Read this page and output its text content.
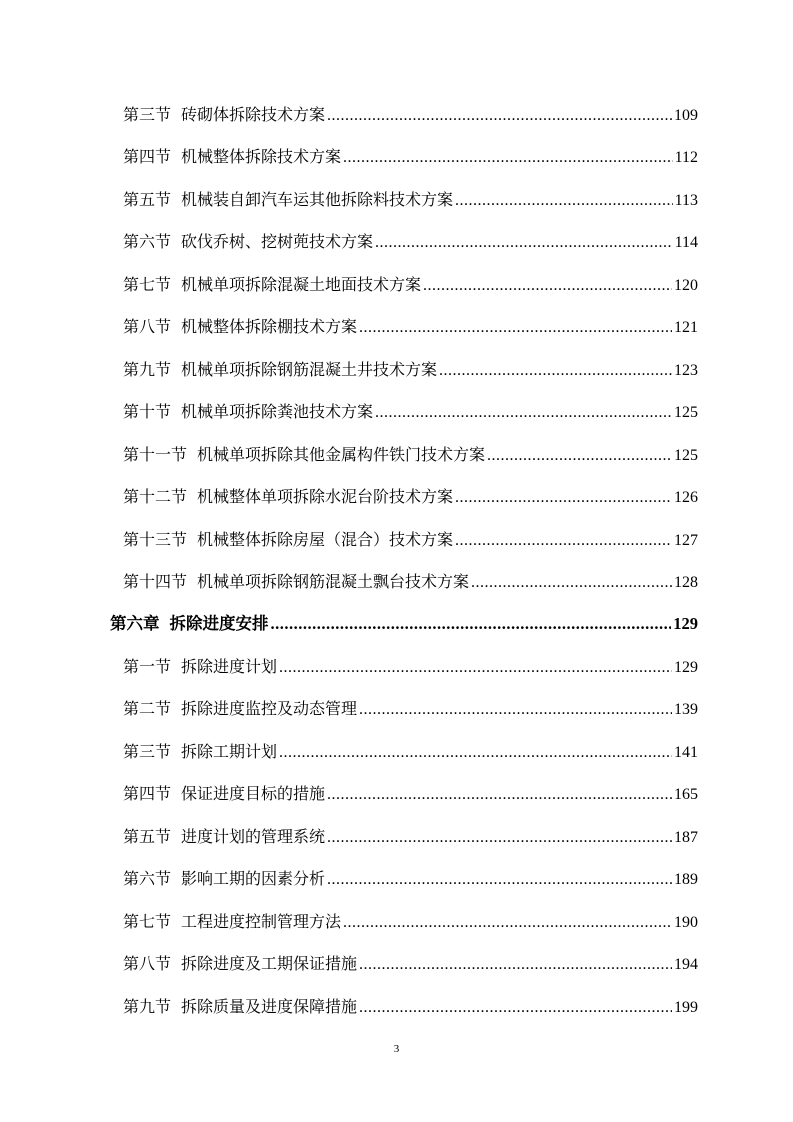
第三节 砖砌体拆除技术方案 .....	109
第四节 机械整体拆除技术方案 .....	112
第五节 机械装自卸汽车运其他拆除料技术方案 .....	113
第六节 砍伐乔树、挖树蔸技术方案 .....	114
第七节 机械单项拆除混凝土地面技术方案 .....	120
第八节 机械整体拆除棚技术方案 .....	121
第九节 机械单项拆除钢筋混凝土井技术方案 .....	123
第十节 机械单项拆除粪池技术方案 .....	125
第十一节 机械单项拆除其他金属构件铁门技术方案 .....	125
第十二节 机械整体单项拆除水泥台阶技术方案 .....	126
第十三节 机械整体拆除房屋（混合）技术方案 .....	127
第十四节 机械单项拆除钢筋混凝土飘台技术方案 .....	128
第六章 拆除进度安排 .....	129
第一节 拆除进度计划 .....	129
第二节 拆除进度监控及动态管理 .....	139
第三节 拆除工期计划 .....	141
第四节 保证进度目标的措施 .....	165
第五节 进度计划的管理系统 .....	187
第六节 影响工期的因素分析 .....	189
第七节 工程进度控制管理方法 .....	190
第八节 拆除进度及工期保证措施 .....	194
第九节 拆除质量及进度保障措施 .....	199
3
